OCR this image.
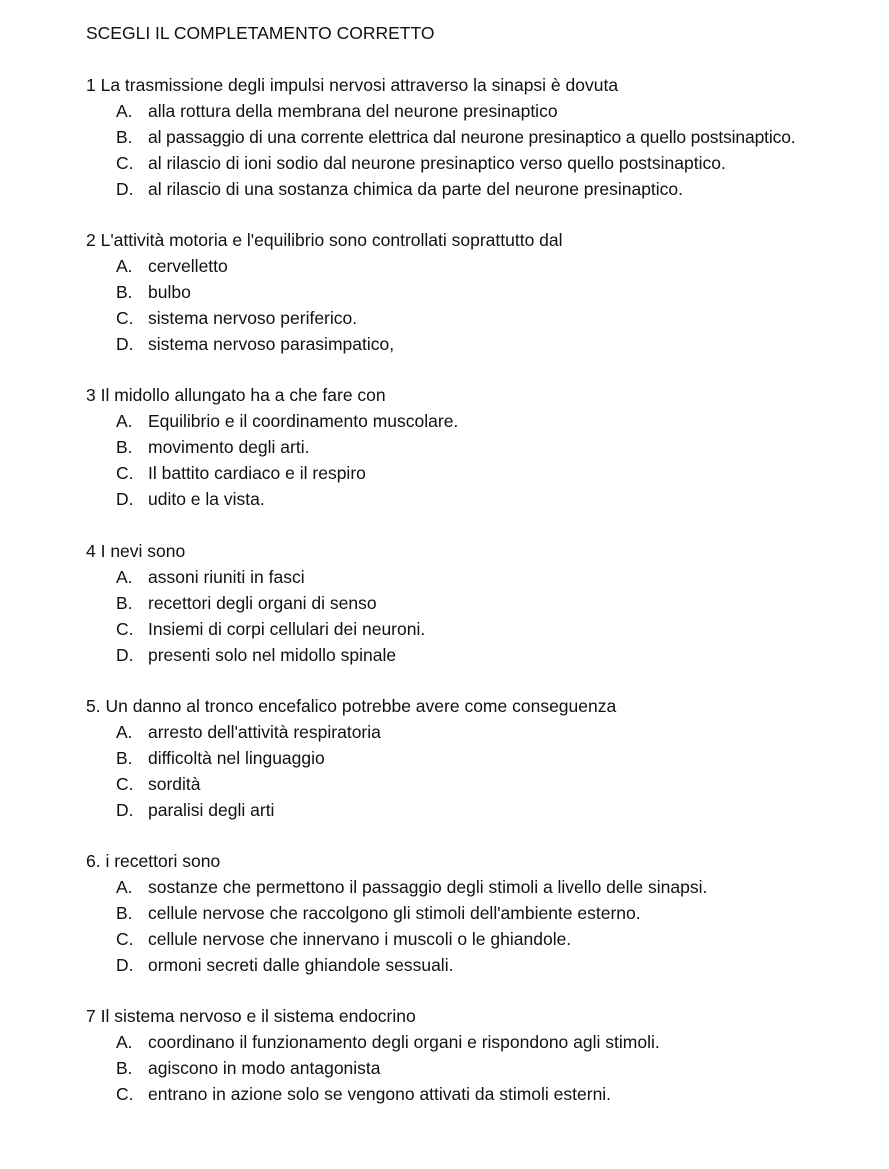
SCEGLI IL COMPLETAMENTO CORRETTO
1 La trasmissione degli impulsi nervosi attraverso la sinapsi è dovuta
A. alla rottura della membrana del neurone presinaptico
B. al passaggio di una corrente elettrica dal neurone presinaptico a quello postsinaptico.
C. al rilascio di ioni sodio dal neurone presinaptico verso quello postsinaptico.
D. al rilascio di una sostanza chimica da parte del neurone presinaptico.
2 L'attività motoria e l'equilibrio sono controllati soprattutto dal
A. cervelletto
B. bulbo
C. sistema nervoso periferico.
D. sistema nervoso parasimpatico,
3 Il midollo allungato ha a che fare con
A. Equilibrio e il coordinamento muscolare.
B. movimento degli arti.
C. Il battito cardiaco e il respiro
D. udito e la vista.
4 I nevi sono
A. assoni riuniti in fasci
B. recettori degli organi di senso
C. Insiemi di corpi cellulari dei neuroni.
D. presenti solo nel midollo spinale
5. Un danno al tronco encefalico potrebbe avere come conseguenza
A. arresto dell'attività respiratoria
B. difficoltà nel linguaggio
C. sordità
D. paralisi degli arti
6. i recettori sono
A. sostanze che permettono il passaggio degli stimoli a livello delle sinapsi.
B. cellule nervose che raccolgono gli stimoli dell'ambiente esterno.
C. cellule nervose che innervano i muscoli o le ghiandole.
D. ormoni secreti dalle ghiandole sessuali.
7 Il sistema nervoso e il sistema endocrino
A. coordinano il funzionamento degli organi e rispondono agli stimoli.
B. agiscono in modo antagonista
C. entrano in azione solo se vengono attivati da stimoli esterni.
